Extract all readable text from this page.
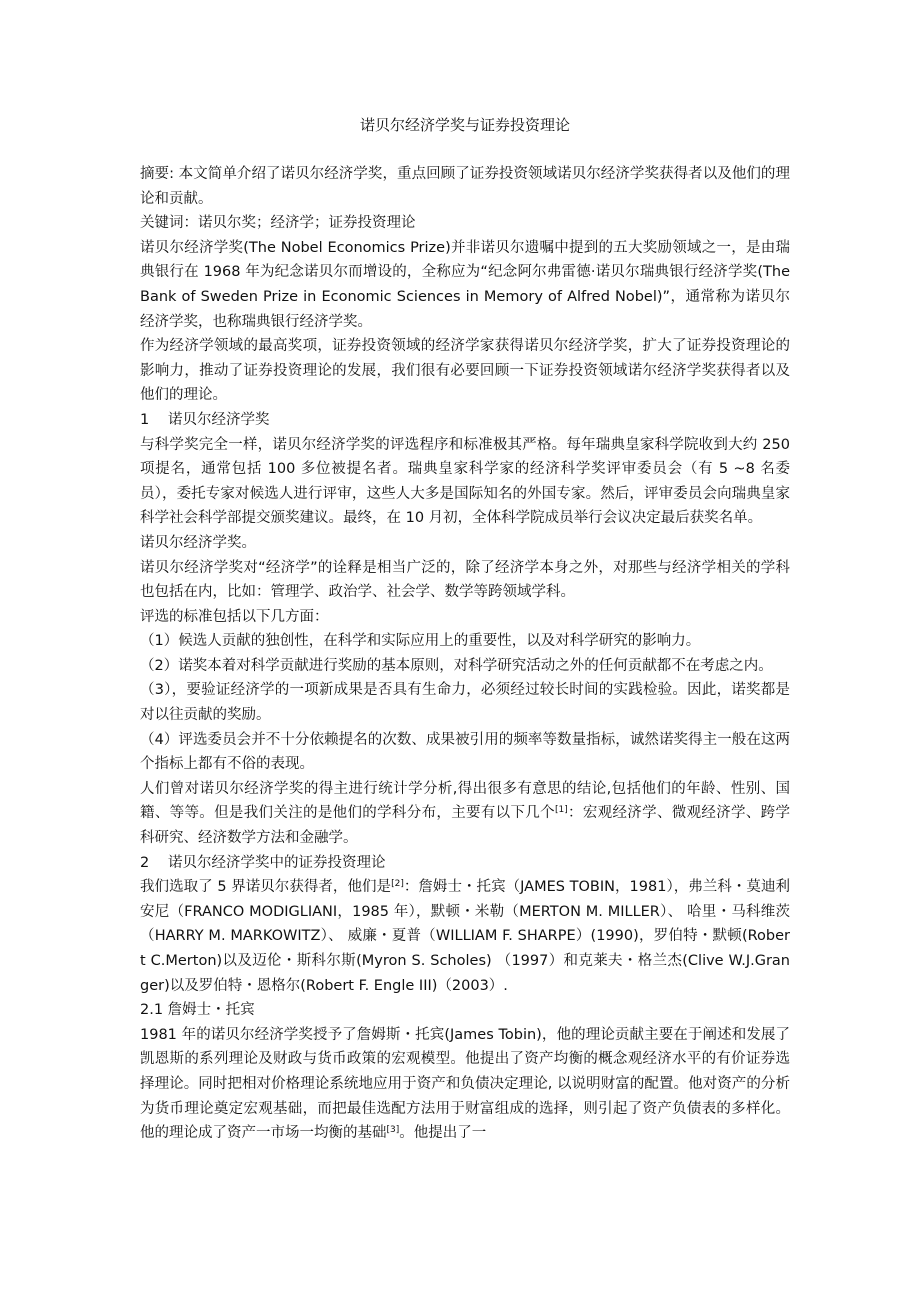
诺贝尔经济学奖与证券投资理论

摘要: 本文简单介绍了诺贝尔经济学奖，重点回顾了证券投资领域诺贝尔经济学奖获得者以及他们的理论和贡献。

关键词：诺贝尔奖；经济学；证券投资理论

诺贝尔经济学奖(The Nobel Economics Prize)并非诺贝尔遗嘱中提到的五大奖励领域之一，是由瑞典银行在 1968 年为纪念诺贝尔而增设的，全称应为“纪念阿尔弗雷德·诺贝尔瑞典银行经济学奖(The Bank of Sweden Prize in Economic Sciences in Memory of Alfred Nobel)”，通常称为诺贝尔经济学奖，也称瑞典银行经济学奖。

作为经济学领域的最高奖项，证券投资领域的经济学家获得诺贝尔经济学奖，扩大了证券投资理论的影响力，推动了证券投资理论的发展，我们很有必要回顾一下证券投资领域诺尔经济学奖获得者以及他们的理论。

1 诺贝尔经济学奖

与科学奖完全一样，诺贝尔经济学奖的评选程序和标准极其严格。每年瑞典皇家科学院收到大约 250 项提名，通常包括 100 多位被提名者。瑞典皇家科学家的经济科学奖评审委员会（有 5 ~8 名委员），委托专家对候选人进行评审，这些人大多是国际知名的外国专家。然后，评审委员会向瑞典皇家科学社会科学部提交颁奖建议。最终，在 10 月初，全体科学院成员举行会议决定最后获奖名单。

诺贝尔经济学奖。

诺贝尔经济学奖对“经济学”的诠释是相当广泛的，除了经济学本身之外，对那些与经济学相关的学科也包括在内，比如：管理学、政治学、社会学、数学等跨领域学科。

评选的标准包括以下几方面：

（1）候选人贡献的独创性，在科学和实际应用上的重要性，以及对科学研究的影响力。

（2）诺奖本着对科学贡献进行奖励的基本原则，对科学研究活动之外的任何贡献都不在考虑之内。

（3），要验证经济学的一项新成果是否具有生命力，必须经过较长时间的实践检验。因此，诺奖都是对以往贡献的奖励。

（4）评选委员会并不十分依赖提名的次数、成果被引用的频率等数量指标，诚然诺奖得主一般在这两个指标上都有不俗的表现。

人们曾对诺贝尔经济学奖的得主进行统计学分析,得出很多有意思的结论,包括他们的年龄、性别、国籍、等等。但是我们关注的是他们的学科分布，主要有以下几个[1]：宏观经济学、微观经济学、跨学科研究、经济数学方法和金融学。

2 诺贝尔经济学奖中的证券投资理论

我们选取了 5 界诺贝尔获得者，他们是[2]：詹姆士・托宾（JAMES TOBIN，1981），弗兰科・莫迪利安尼（FRANCO MODIGLIANI，1985 年），默顿・米勒（MERTON M. MILLER）、 哈里・马科维茨（HARRY M. MARKOWITZ）、 威廉・夏普（WILLIAM F. SHARPE）(1990)，罗伯特・默顿(Robert C.Merton)以及迈伦・斯科尔斯(Myron S. Scholes) （1997）和克莱夫・格兰杰(Clive W.J.Granger)以及罗伯特・恩格尔(Robert F. Engle III)（2003）.

2.1 詹姆士・托宾

1981 年的诺贝尔经济学奖授予了詹姆斯・托宾(James Tobin)，他的理论贡献主要在于阐述和发展了凯恩斯的系列理论及财政与货币政策的宏观模型。他提出了资产均衡的概念观经济水平的有价证券选择理论。同时把相对价格理论系统地应用于资产和负债决定理论, 以说明财富的配置。他对资产的分析为货币理论奠定宏观基础，而把最佳选配方法用于财富组成的选择，则引起了资产负债表的多样化。他的理论成了资产一市场一均衡的基础[3]。他提出了一
